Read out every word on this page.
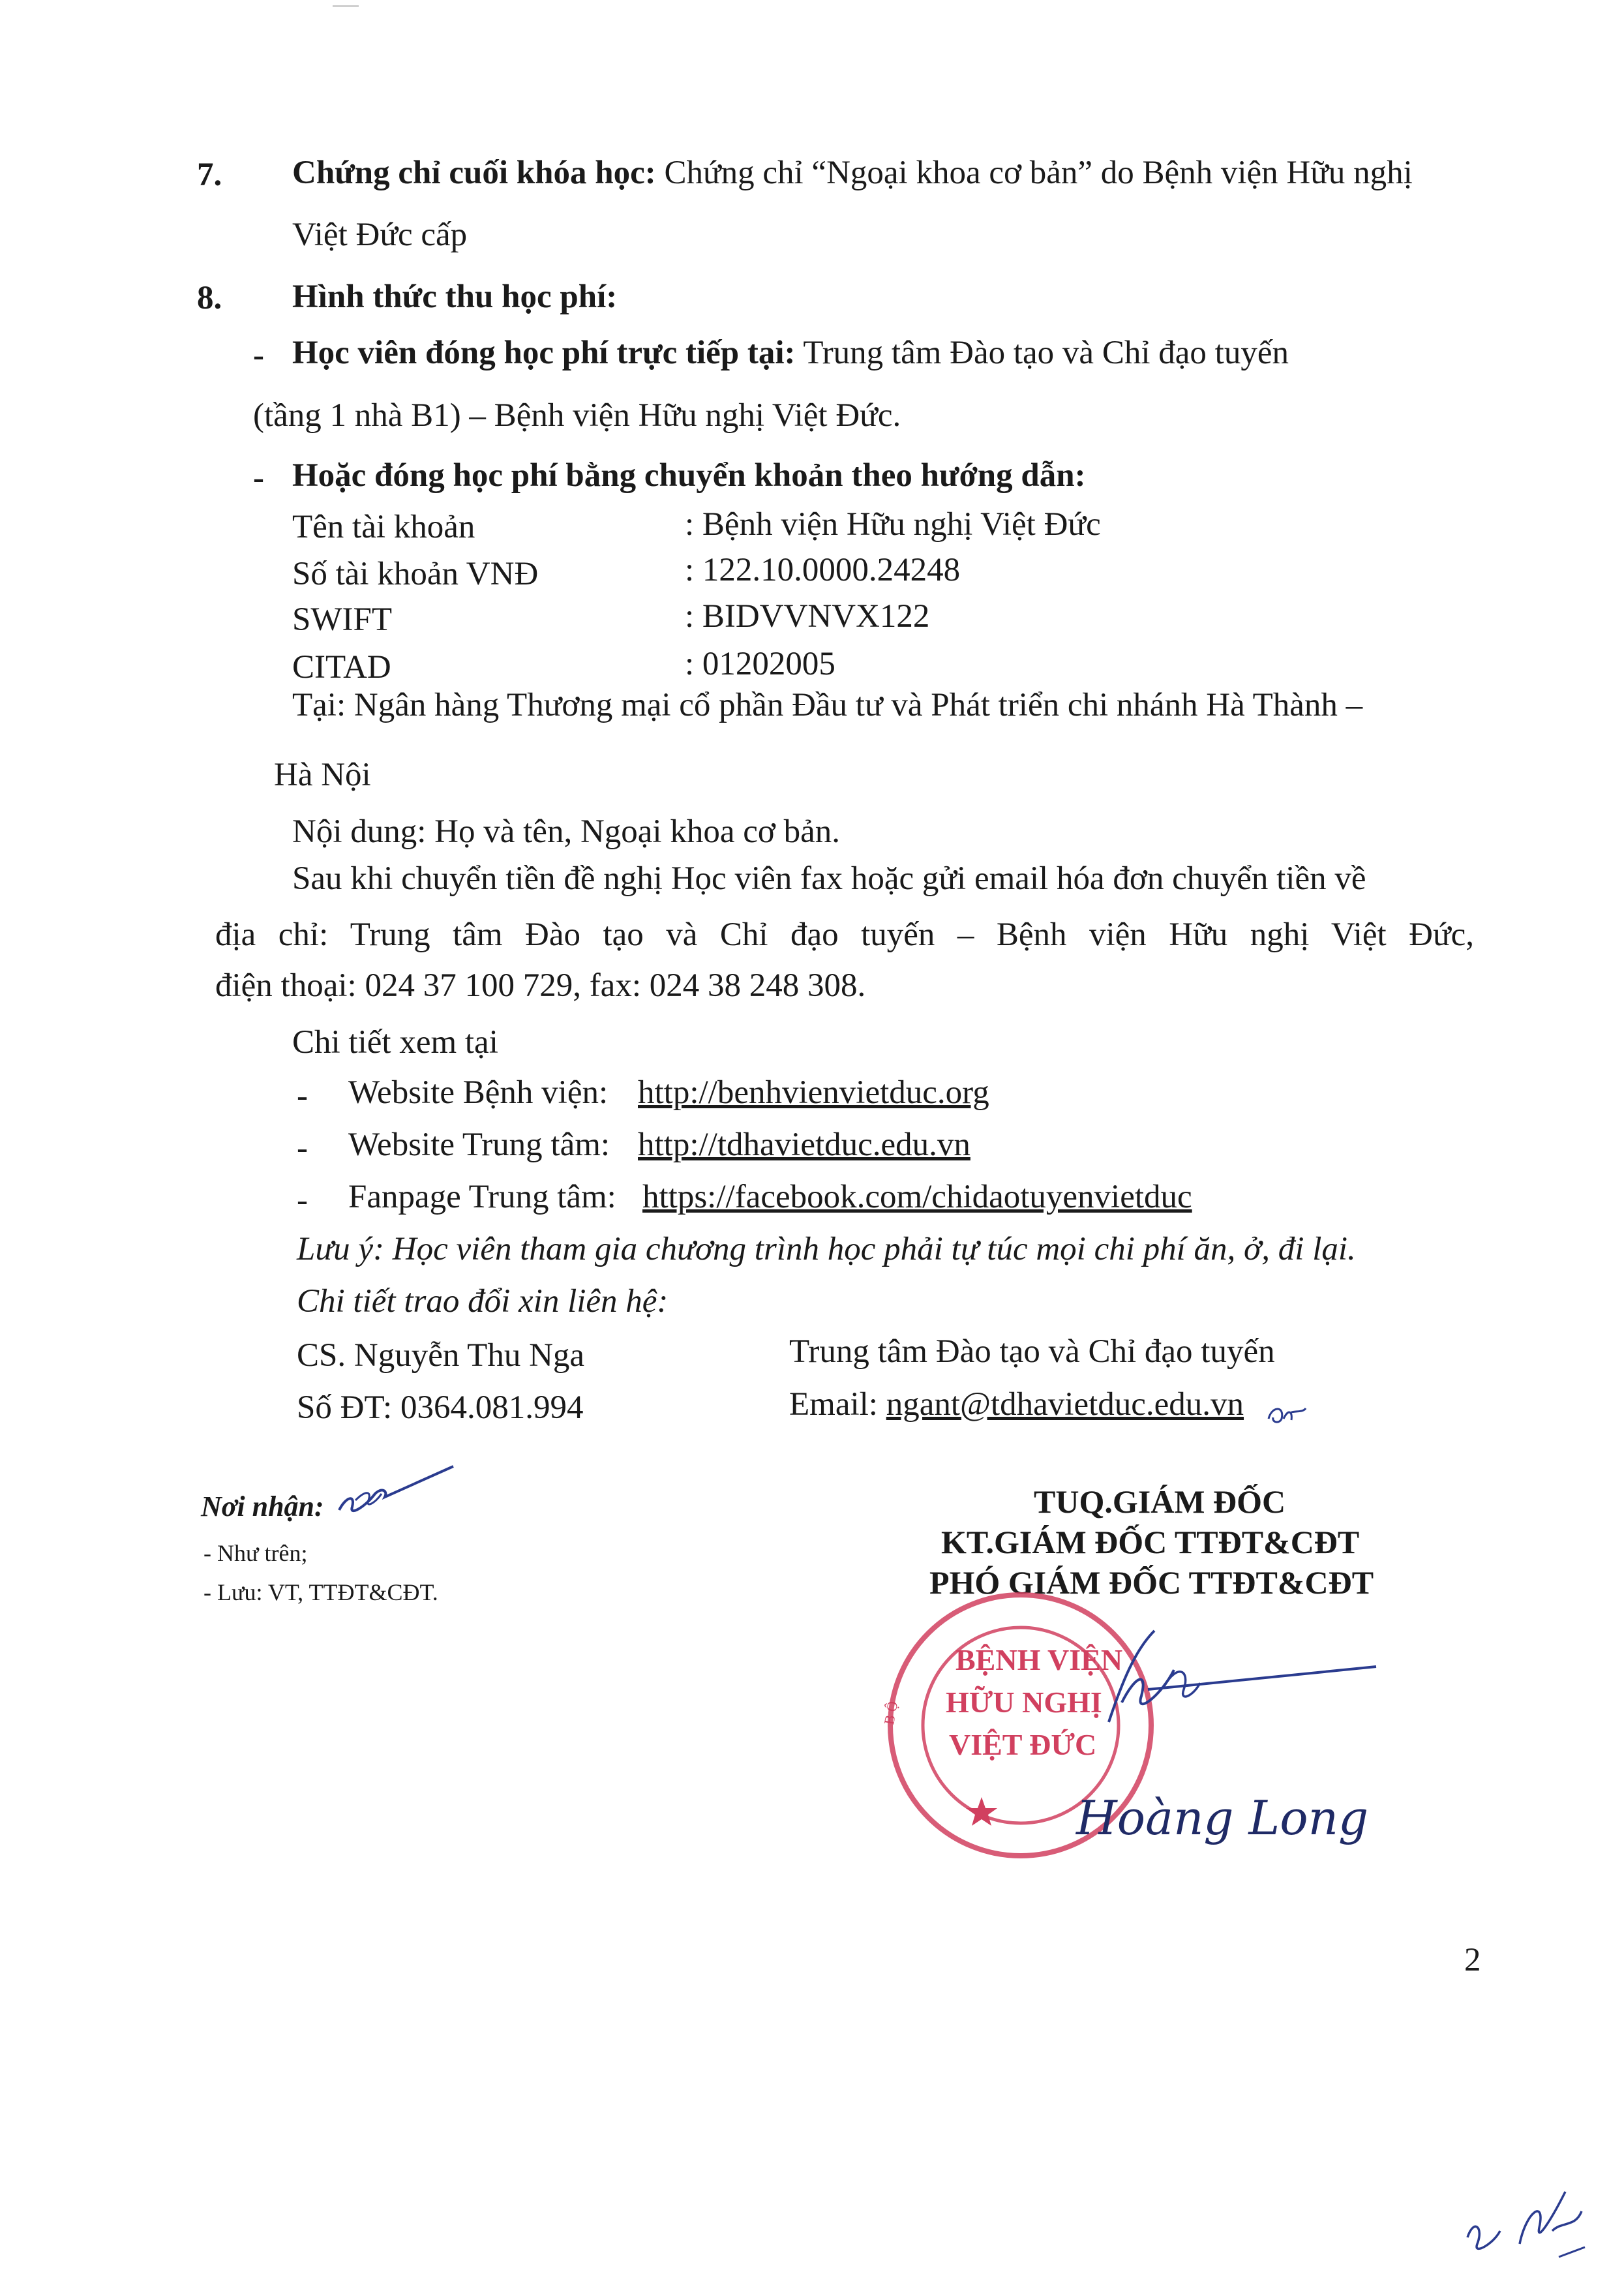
7. Chứng chỉ cuối khóa học: Chứng chỉ “Ngoại khoa cơ bản” do Bệnh viện Hữu nghị
Việt Đức cấp
8. Hình thức thu học phí:
- Học viên đóng học phí trực tiếp tại: Trung tâm Đào tạo và Chỉ đạo tuyến
(tầng 1 nhà B1) – Bệnh viện Hữu nghị Việt Đức.
- Hoặc đóng học phí bằng chuyển khoản theo hướng dẫn:
Tên tài khoản	: Bệnh viện Hữu nghị Việt Đức
Số tài khoản VNĐ	: 122.10.0000.24248
SWIFT	: BIDVVNVX122
CITAD	: 01202005
Tại: Ngân hàng Thương mại cổ phần Đầu tư và Phát triển chi nhánh Hà Thành –
Hà Nội
Nội dung: Họ và tên, Ngoại khoa cơ bản.
Sau khi chuyển tiền đề nghị Học viên fax hoặc gửi email hóa đơn chuyển tiền về
địa chỉ: Trung tâm Đào tạo và Chỉ đạo tuyến – Bệnh viện Hữu nghị Việt Đức,
điện thoại: 024 37 100 729, fax: 024 38 248 308.
Chi tiết xem tại
- Website Bệnh viện: http://benhvienvietduc.org
- Website Trung tâm: http://tdhavietduc.edu.vn
- Fanpage Trung tâm: https://facebook.com/chidaotuyenvietduc
Lưu ý: Học viên tham gia chương trình học phải tự túc mọi chi phí ăn, ở, đi lại.
Chi tiết trao đổi xin liên hệ:
CS. Nguyễn Thu Nga
Số ĐT: 0364.081.994
Trung tâm Đào tạo và Chỉ đạo tuyến
Email: ngant@tdhavietduc.edu.vn
Nơi nhận:
- Như trên;
- Lưu: VT, TTĐT&CĐT.
TUQ.GIÁM ĐỐC
KT.GIÁM ĐỐC TTĐT&CĐT
PHÓ GIÁM ĐỐC TTĐT&CĐT
BỆNH VIỆN
HỮU NGHỊ
VIỆT ĐỨC
B Ộ
Hoàng Long
2
